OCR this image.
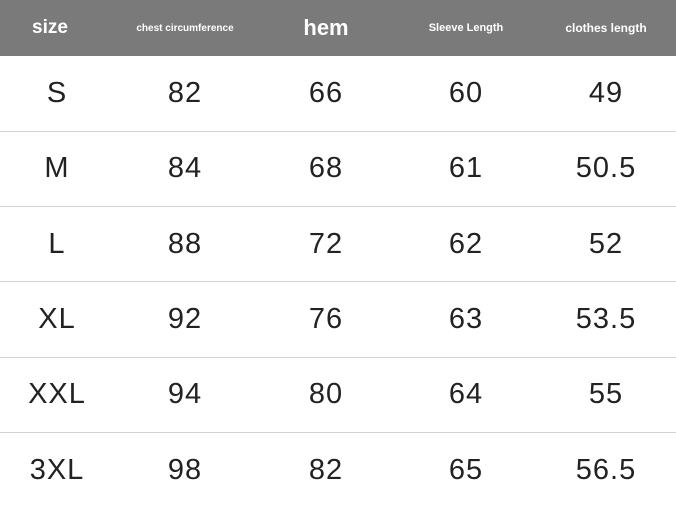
size	chest circumference	hem	Sleeve Length	clothes length
S	82	66	60	49
M	84	68	61	50.5
L	88	72	62	52
XL	92	76	63	53.5
XXL	94	80	64	55
3XL	98	82	65	56.5
